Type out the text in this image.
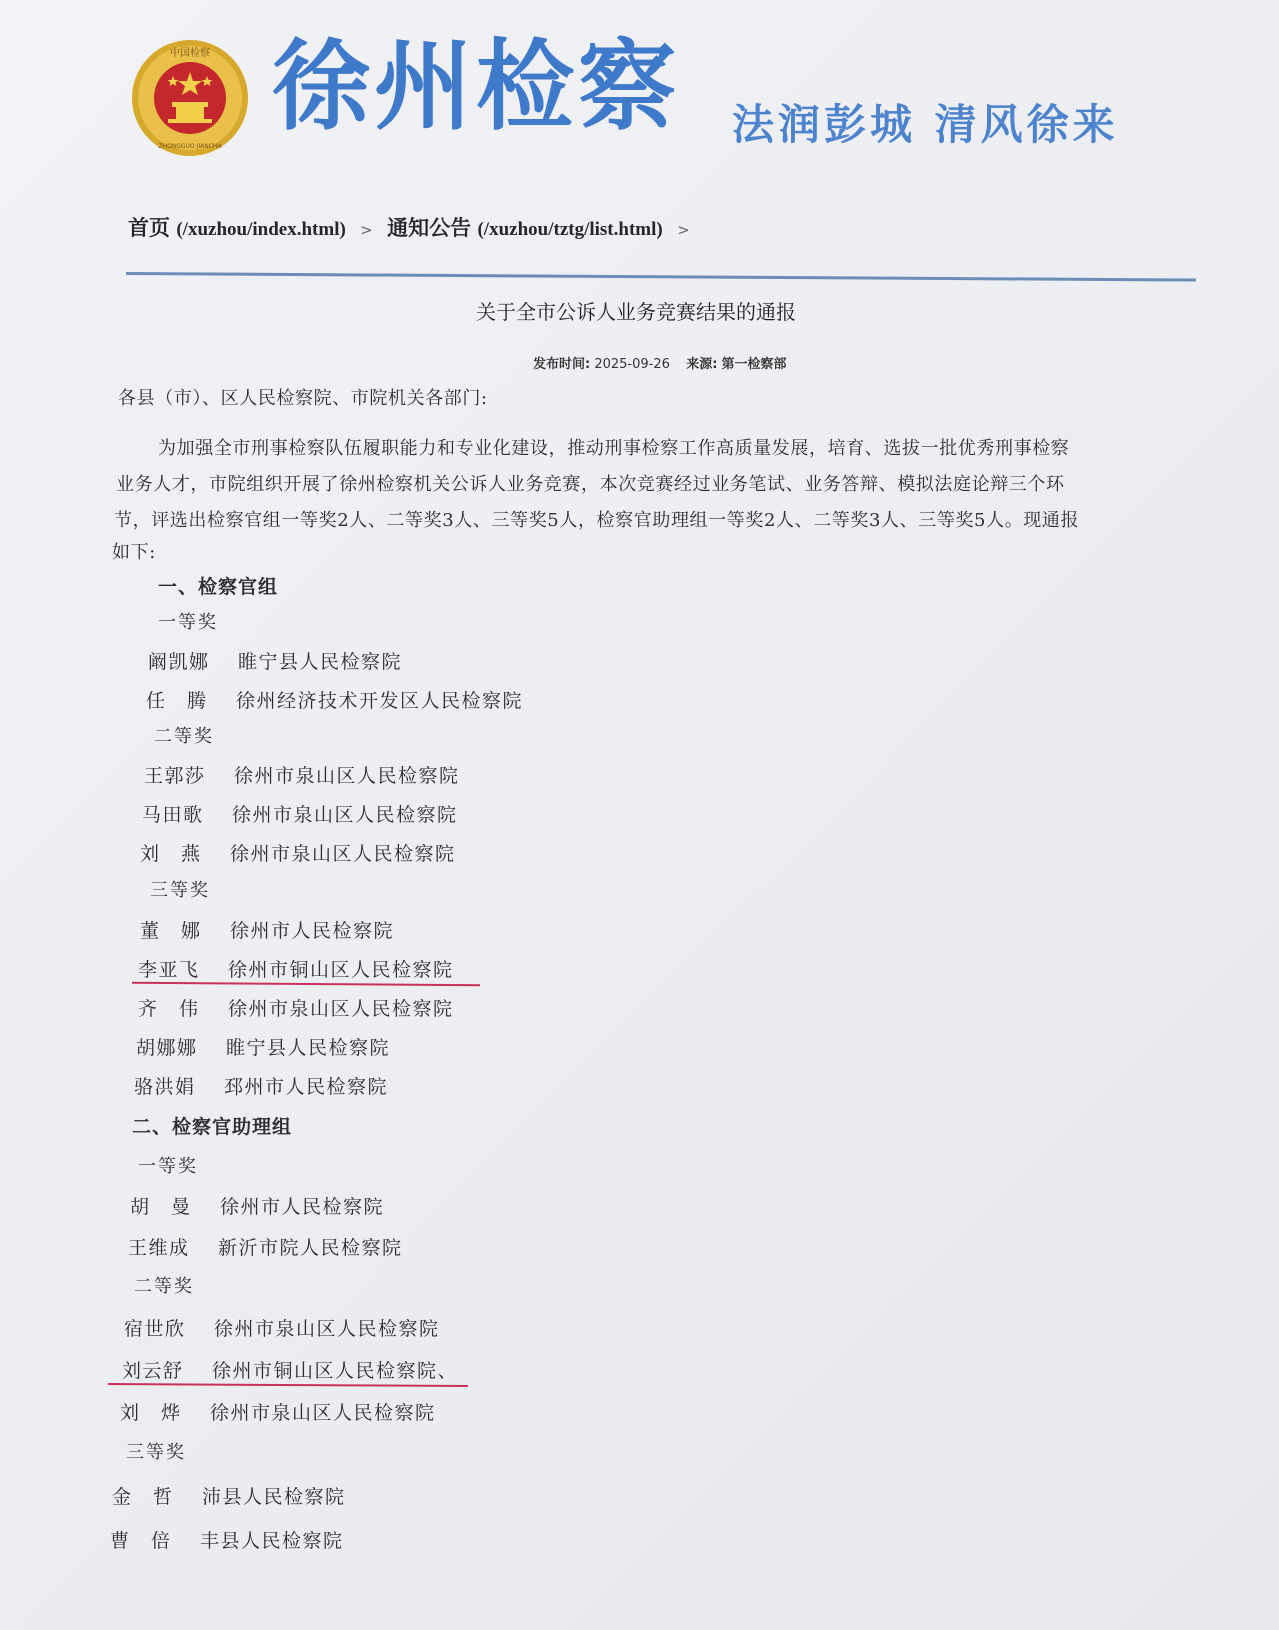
中国检察
ZHONGGUO JIANCHA
徐州检察 法润彭城 清风徐来
首页 (/xuzhou/index.html) > 通知公告 (/xuzhou/tztg/list.html) >
关于全市公诉人业务竞赛结果的通报
发布时间: 2025-09-26 来源: 第一检察部
各县（市）、区人民检察院、市院机关各部门:
为加强全市刑事检察队伍履职能力和专业化建设，推动刑事检察工作高质量发展，培育、选拔一批优秀刑事检察
业务人才，市院组织开展了徐州检察机关公诉人业务竞赛，本次竞赛经过业务笔试、业务答辩、模拟法庭论辩三个环
节，评选出检察官组一等奖2人、二等奖3人、三等奖5人，检察官助理组一等奖2人、二等奖3人、三等奖5人。现通报
如下:
一、检察官组
一等奖
阚凯娜 睢宁县人民检察院
任　腾 徐州经济技术开发区人民检察院
二等奖
王郭莎 徐州市泉山区人民检察院
马田歌 徐州市泉山区人民检察院
刘　燕 徐州市泉山区人民检察院
三等奖
董　娜 徐州市人民检察院
李亚飞 徐州市铜山区人民检察院
齐　伟 徐州市泉山区人民检察院
胡娜娜 睢宁县人民检察院
骆洪娟 邳州市人民检察院
二、检察官助理组
一等奖
胡　曼 徐州市人民检察院
王维成 新沂市院人民检察院
二等奖
宿世欣 徐州市泉山区人民检察院
刘云舒 徐州市铜山区人民检察院、
刘　烨 徐州市泉山区人民检察院
三等奖
金　哲 沛县人民检察院
曹　倍 丰县人民检察院
